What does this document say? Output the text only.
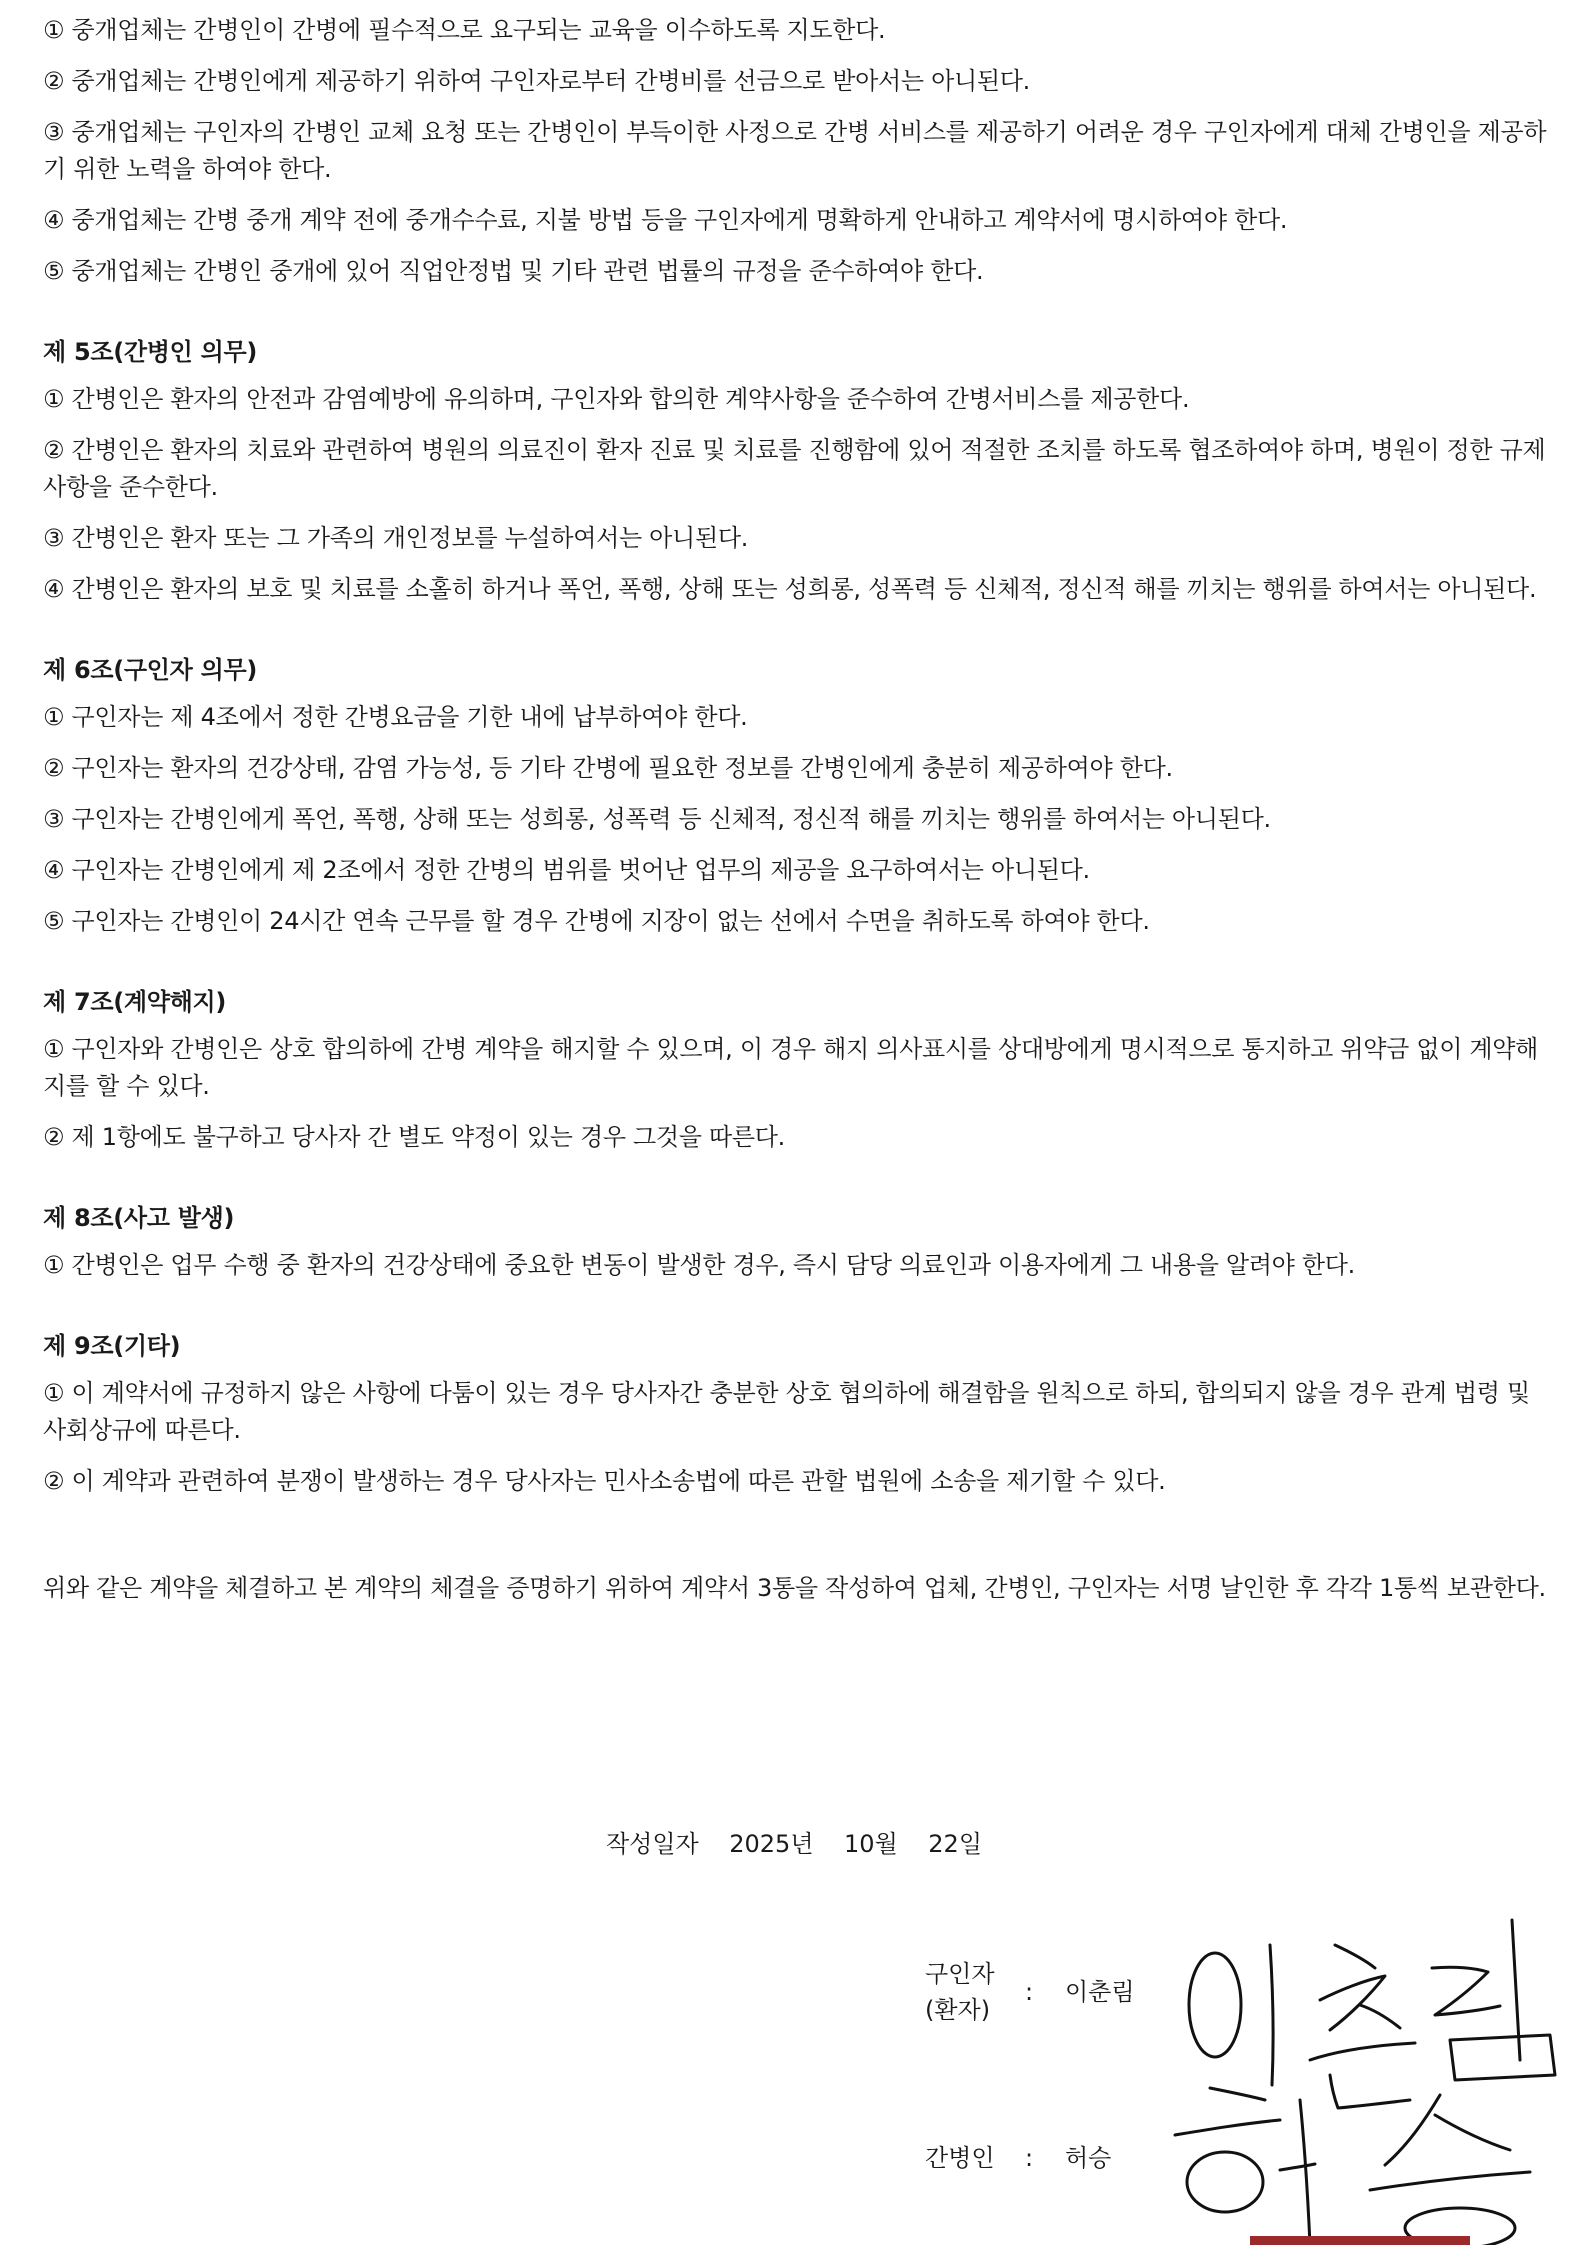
① 중개업체는 간병인이 간병에 필수적으로 요구되는 교육을 이수하도록 지도한다.

② 중개업체는 간병인에게 제공하기 위하여 구인자로부터 간병비를 선금으로 받아서는 아니된다.

③ 중개업체는 구인자의 간병인 교체 요청 또는 간병인이 부득이한 사정으로 간병 서비스를 제공하기 어려운 경우 구인자에게 대체 간병인을 제공하기 위한 노력을 하여야 한다.

④ 중개업체는 간병 중개 계약 전에 중개수수료, 지불 방법 등을 구인자에게 명확하게 안내하고 계약서에 명시하여야 한다.

⑤ 중개업체는 간병인 중개에 있어 직업안정법 및 기타 관련 법률의 규정을 준수하여야 한다.

제 5조(간병인 의무)

① 간병인은 환자의 안전과 감염예방에 유의하며, 구인자와 합의한 계약사항을 준수하여 간병서비스를 제공한다.

② 간병인은 환자의 치료와 관련하여 병원의 의료진이 환자 진료 및 치료를 진행함에 있어 적절한 조치를 하도록 협조하여야 하며, 병원이 정한 규제사항을 준수한다.

③ 간병인은 환자 또는 그 가족의 개인정보를 누설하여서는 아니된다.

④ 간병인은 환자의 보호 및 치료를 소홀히 하거나 폭언, 폭행, 상해 또는 성희롱, 성폭력 등 신체적, 정신적 해를 끼치는 행위를 하여서는 아니된다.

제 6조(구인자 의무)

① 구인자는 제 4조에서 정한 간병요금을 기한 내에 납부하여야 한다.

② 구인자는 환자의 건강상태, 감염 가능성, 등 기타 간병에 필요한 정보를 간병인에게 충분히 제공하여야 한다.

③ 구인자는 간병인에게 폭언, 폭행, 상해 또는 성희롱, 성폭력 등 신체적, 정신적 해를 끼치는 행위를 하여서는 아니된다.

④ 구인자는 간병인에게 제 2조에서 정한 간병의 범위를 벗어난 업무의 제공을 요구하여서는 아니된다.

⑤ 구인자는 간병인이 24시간 연속 근무를 할 경우 간병에 지장이 없는 선에서 수면을 취하도록 하여야 한다.

제 7조(계약해지)

① 구인자와 간병인은 상호 합의하에 간병 계약을 해지할 수 있으며, 이 경우 해지 의사표시를 상대방에게 명시적으로 통지하고 위약금 없이 계약해지를 할 수 있다.

② 제 1항에도 불구하고 당사자 간 별도 약정이 있는 경우 그것을 따른다.

제 8조(사고 발생)

① 간병인은 업무 수행 중 환자의 건강상태에 중요한 변동이 발생한 경우, 즉시 담당 의료인과 이용자에게 그 내용을 알려야 한다.

제 9조(기타)

① 이 계약서에 규정하지 않은 사항에 다툼이 있는 경우 당사자간 충분한 상호 협의하에 해결함을 원칙으로 하되, 합의되지 않을 경우 관계 법령 및 사회상규에 따른다.

② 이 계약과 관련하여 분쟁이 발생하는 경우 당사자는 민사소송법에 따른 관할 법원에 소송을 제기할 수 있다.

위와 같은 계약을 체결하고 본 계약의 체결을 증명하기 위하여 계약서 3통을 작성하여 업체, 간병인, 구인자는 서명 날인한 후 각각 1통씩 보관한다.

작성일자 2025년 10월 22일
구인자
(환자)
: 이춘림
간병인 : 허승
